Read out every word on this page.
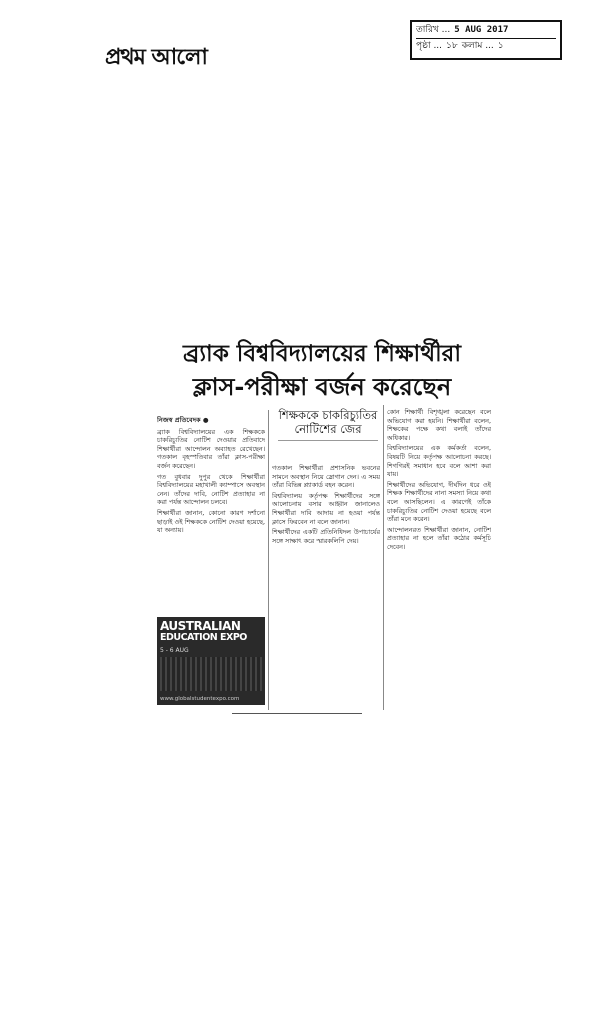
প্রথম আলো
তারিখ ... 5 AUG 2017
পৃষ্ঠা ... ১৮ কলাম ... ১
ব্র্যাক বিশ্ববিদ্যালয়ের শিক্ষার্থীরা
ক্লাস-পরীক্ষা বর্জন করেছেন

নিজস্ব প্রতিবেদক ●

ব্র্যাক বিশ্ববিদ্যালয়ের এক শিক্ষককে চাকরিচ্যুতির নোটিশ দেওয়ার প্রতিবাদে শিক্ষার্থীরা আন্দোলন অব্যাহত রেখেছেন। গতকাল বৃহস্পতিবার তাঁরা ক্লাস-পরীক্ষা বর্জন করেছেন।

গত বুধবার দুপুর থেকে শিক্ষার্থীরা বিশ্ববিদ্যালয়ের মহাখালী ক্যাম্পাসে অবস্থান নেন। তাঁদের দাবি, নোটিশ প্রত্যাহার না করা পর্যন্ত আন্দোলন চলবে।

শিক্ষার্থীরা জানান, কোনো কারণ দর্শানো ছাড়াই ওই শিক্ষককে নোটিশ দেওয়া হয়েছে, যা অন্যায়।

শিক্ষককে চাকরিচ্যুতির নোটিশের জের

গতকাল শিক্ষার্থীরা প্রশাসনিক ভবনের সামনে অবস্থান নিয়ে স্লোগান দেন। এ সময় তাঁরা বিভিন্ন প্ল্যাকার্ড বহন করেন।

বিশ্ববিদ্যালয় কর্তৃপক্ষ শিক্ষার্থীদের সঙ্গে আলোচনায় বসার আহ্বান জানালেও শিক্ষার্থীরা দাবি আদায় না হওয়া পর্যন্ত ক্লাসে ফিরবেন না বলে জানান।

শিক্ষার্থীদের একটি প্রতিনিধিদল উপাচার্যের সঙ্গে সাক্ষাৎ করে স্মারকলিপি দেয়।

কোন শিক্ষার্থী বিশৃঙ্খলা করেছেন বলে অভিযোগ করা হয়নি। শিক্ষার্থীরা বলেন, শিক্ষকের পক্ষে কথা বলাই তাঁদের অধিকার।

বিশ্ববিদ্যালয়ের এক কর্মকর্তা বলেন, বিষয়টি নিয়ে কর্তৃপক্ষ আলোচনা করছে। শিগগিরই সমাধান হবে বলে আশা করা যায়।

শিক্ষার্থীদের অভিযোগ, দীর্ঘদিন ধরে ওই শিক্ষক শিক্ষার্থীদের নানা সমস্যা নিয়ে কথা বলে আসছিলেন। এ কারণেই তাঁকে চাকরিচ্যুতির নোটিশ দেওয়া হয়েছে বলে তাঁরা মনে করেন।

আন্দোলনরত শিক্ষার্থীরা জানান, নোটিশ প্রত্যাহার না হলে তাঁরা কঠোর কর্মসূচি দেবেন।

AUSTRALIAN
EDUCATION EXPO
5 - 6 AUG
www.globalstudentexpo.com
